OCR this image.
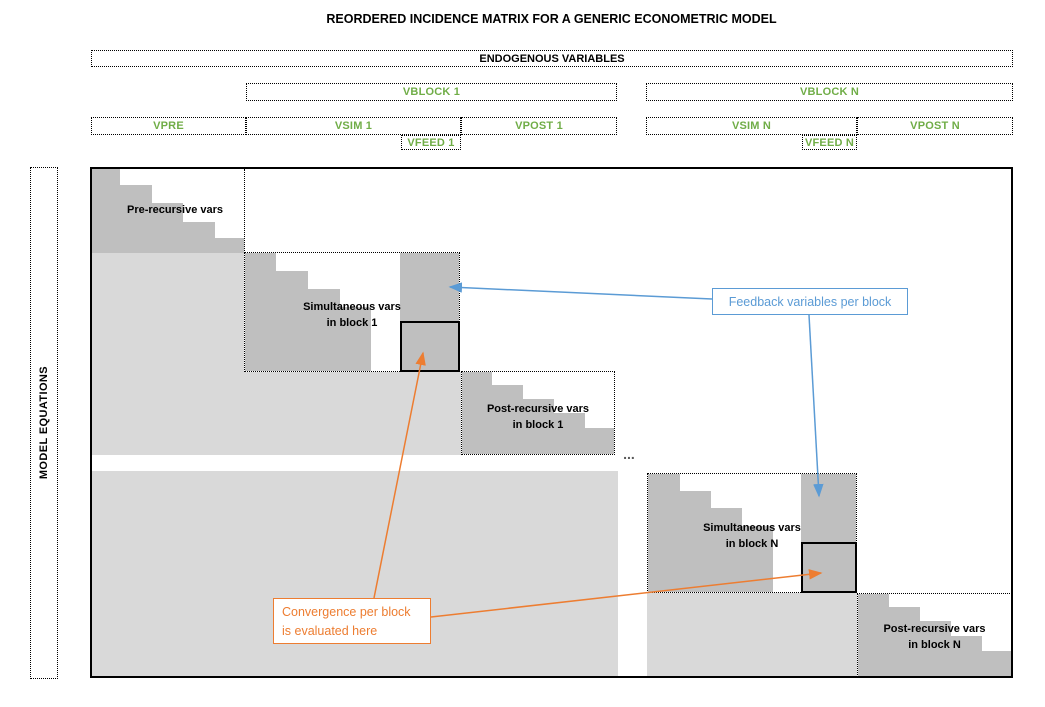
REORDERED INCIDENCE MATRIX FOR A GENERIC ECONOMETRIC MODEL
ENDOGENOUS VARIABLES
VBLOCK 1	VBLOCK N
VPRE	VSIM 1	VPOST 1	VSIM N	VPOST N
VFEED 1	VFEED N
MODEL EQUATIONS
Pre-recursive vars
Simultaneous vars
in block 1
Post-recursive vars
in block 1
...
Simultaneous vars
in block N
Post-recursive vars
in block N
Feedback variables per block
Convergence per block
is evaluated here
